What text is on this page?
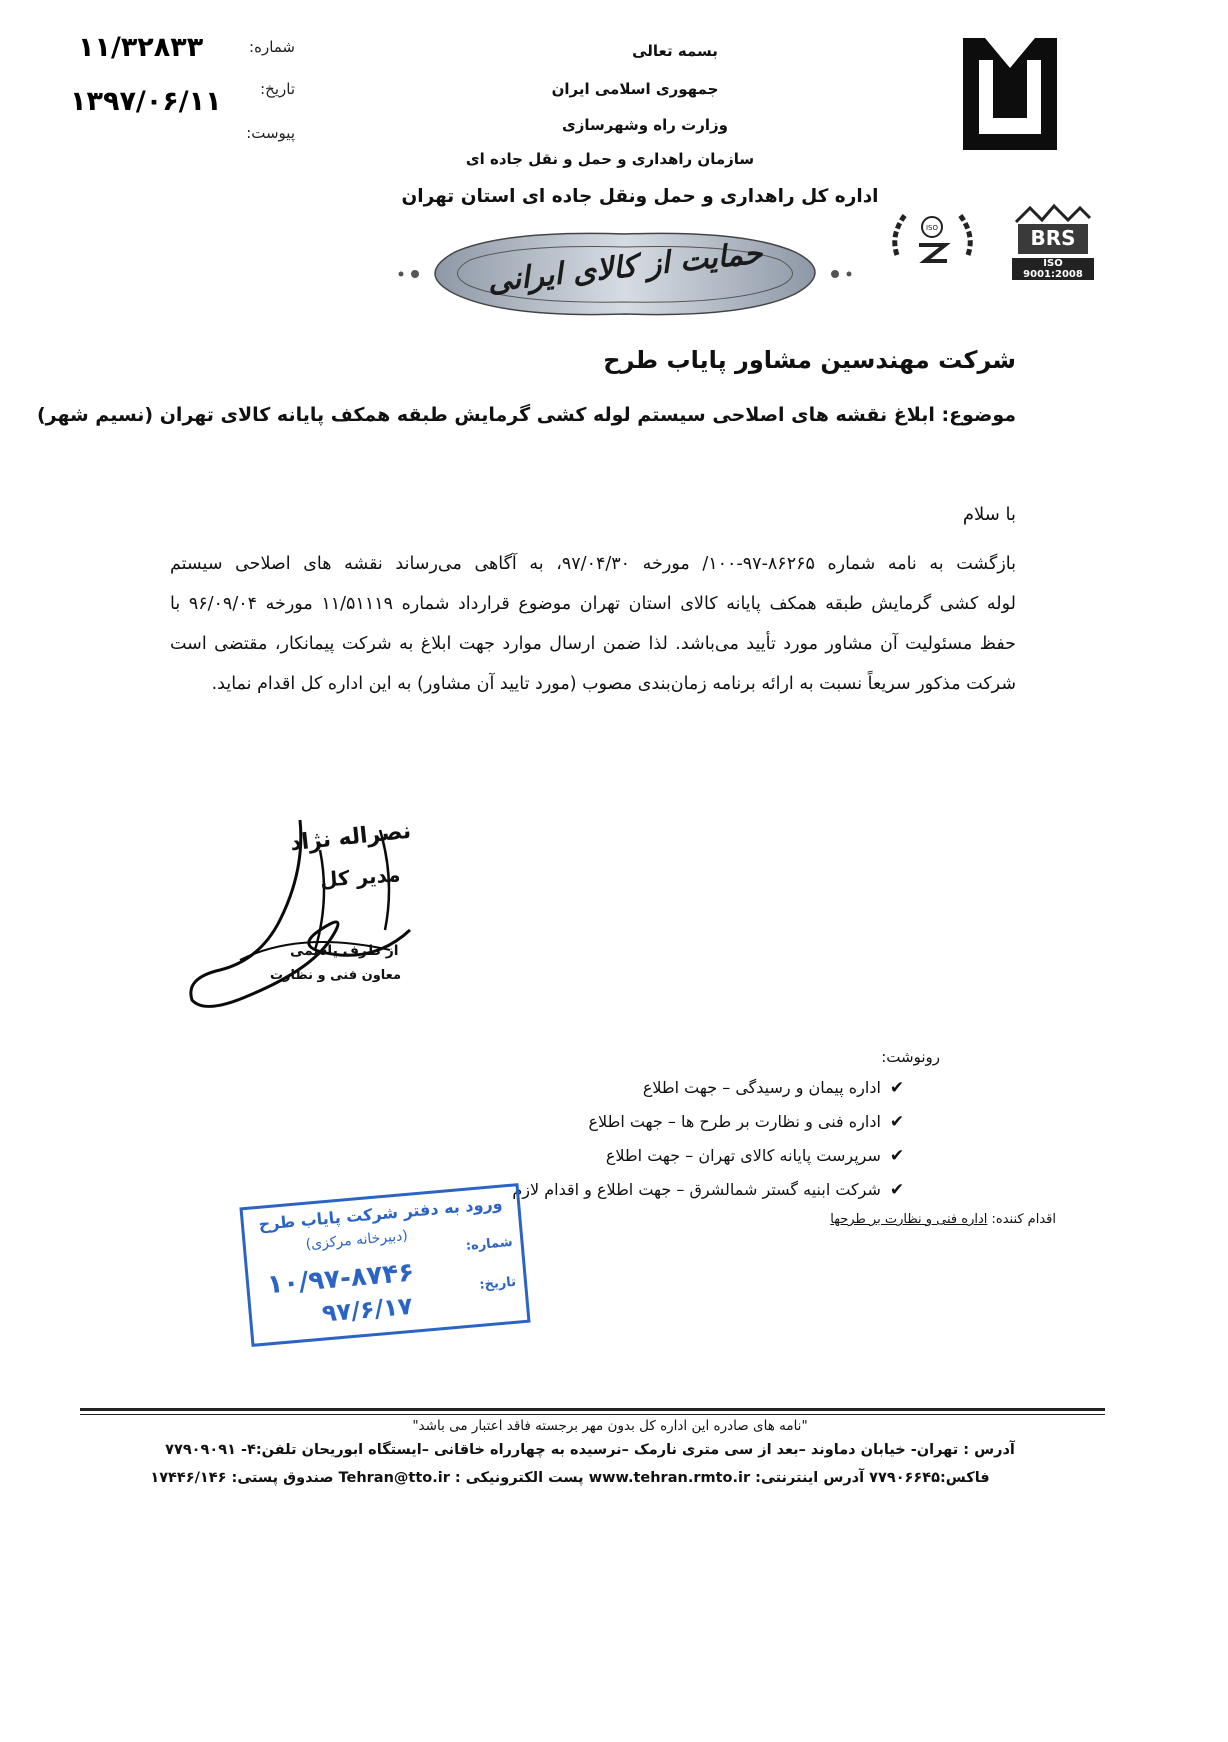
شماره:
۱۱/۳۲۸۳۳
تاریخ:
۱۳۹۷/۰۶/۱۱
پیوست:
بسمه تعالی
جمهوری اسلامی ایران
وزارت راه وشهرسازی
سازمان راهداری و حمل و نقل جاده ای
اداره کل راهداری و حمل ونقل جاده ای استان تهران
حمایت از کالای ایرانی
ISO	BRS
ISO 9001:2008
شرکت مهندسین مشاور پایاب طرح
موضوع: ابلاغ نقشه های اصلاحی سیستم لوله کشی گرمایش طبقه همکف پایانه کالای تهران (نسیم شهر)
با سلام
بازگشت به نامه شماره ۸۶۲۶۵-۹۷-۱۰۰/ مورخه ۹۷/۰۴/۳۰، به آگاهی می‌رساند نقشه های اصلاحی سیستم
لوله کشی گرمایش طبقه همکف پایانه کالای استان تهران موضوع قرارداد شماره ۱۱/۵۱۱۱۹ مورخه ۹۶/۰۹/۰۴ با
حفظ مسئولیت آن مشاور مورد تأیید می‌باشد. لذا ضمن ارسال موارد جهت ابلاغ به شرکت پیمانکار، مقتضی است
شرکت مذکور سریعاً نسبت به ارائه برنامه زمان‌بندی مصوب (مورد تایید آن مشاور) به این اداره کل اقدام نماید.
نصراله نژاد
مدیر کل
از طرف یاسمی
معاون فنی و نظارت
رونوشت:
✔ اداره پیمان و رسیدگی – جهت اطلاع
✔ اداره فنی و نظارت بر طرح ها – جهت اطلاع
✔ سرپرست پایانه کالای تهران – جهت اطلاع
✔ شرکت ابنیه گستر شمالشرق – جهت اطلاع و اقدام لازم
اقدام کننده: اداره فنی و نظارت بر طرحها
ورود به دفتر شرکت پایاب طرح
(دبیرخانه مرکزی)	شماره:
۱۰/۹۷-۸۷۴۶	تاریخ:
۹۷/۶/۱۷
"نامه های صادره این اداره کل بدون مهر برجسته فاقد اعتبار می باشد"
آدرس : تهران- خیابان دماوند –بعد از سی متری نارمک –نرسیده به چهارراه خاقانی –ایستگاه ابوریحان تلفن:۴- ۷۷۹۰۹۰۹۱
فاکس:۷۷۹۰۶۶۴۵ آدرس اینترنتی: www.tehran.rmto.ir پست الکترونیکی : Tehran@tto.ir صندوق پستی: ۱۷۴۴۶/۱۴۶
